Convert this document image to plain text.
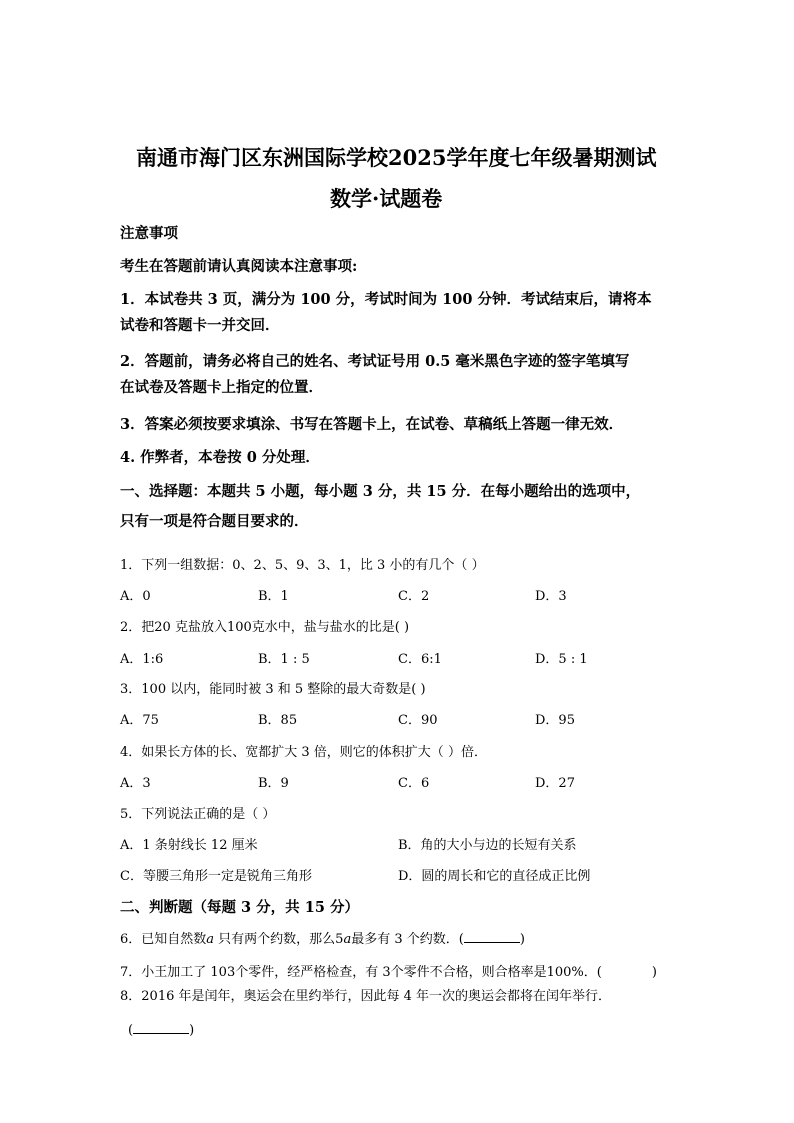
南通市海门区东洲国际学校2025学年度七年级暑期测试
数学·试题卷
注意事项
考生在答题前请认真阅读本注意事项:
1．本试卷共 3 页，满分为 100 分，考试时间为 100 分钟．考试结束后，请将本
试卷和答题卡一并交回．
2．答题前，请务必将自己的姓名、考试证号用 0.5 毫米黑色字迹的签字笔填写
在试卷及答题卡上指定的位置．
3．答案必须按要求填涂、书写在答题卡上，在试卷、草稿纸上答题一律无效．
4. 作弊者，本卷按 0 分处理．
一、选择题：本题共 5 小题，每小题 3 分，共 15 分．在每小题给出的选项中，
只有一项是符合题目要求的．
1．下列一组数据：0、2、5、9、3、1，比 3 小的有几个（ ）
A．0	B．1	C．2	D．3
2．把20 克盐放入100克水中，盐与盐水的比是( )
A．1:6	B．1 : 5	C．6:1	D．5 : 1
3．100 以内，能同时被 3 和 5 整除的最大奇数是( )
A．75	B．85	C．90	D．95
4．如果长方体的长、宽都扩大 3 倍，则它的体积扩大（ ）倍．
A．3	B．9	C．6	D．27
5．下列说法正确的是（ ）
A．1 条射线长 12 厘米	B．角的大小与边的长短有关系
C．等腰三角形一定是锐角三角形	D．圆的周长和它的直径成正比例
二、判断题（每题 3 分，共 15 分）
6．已知自然数a 只有两个约数，那么5a最多有 3 个约数．(	)
7．小王加工了 103个零件，经严格检查，有 3个零件不合格，则合格率是100%．(	)
8．2016 年是闰年，奥运会在里约举行，因此每 4 年一次的奥运会都将在闰年举行．
(	)
